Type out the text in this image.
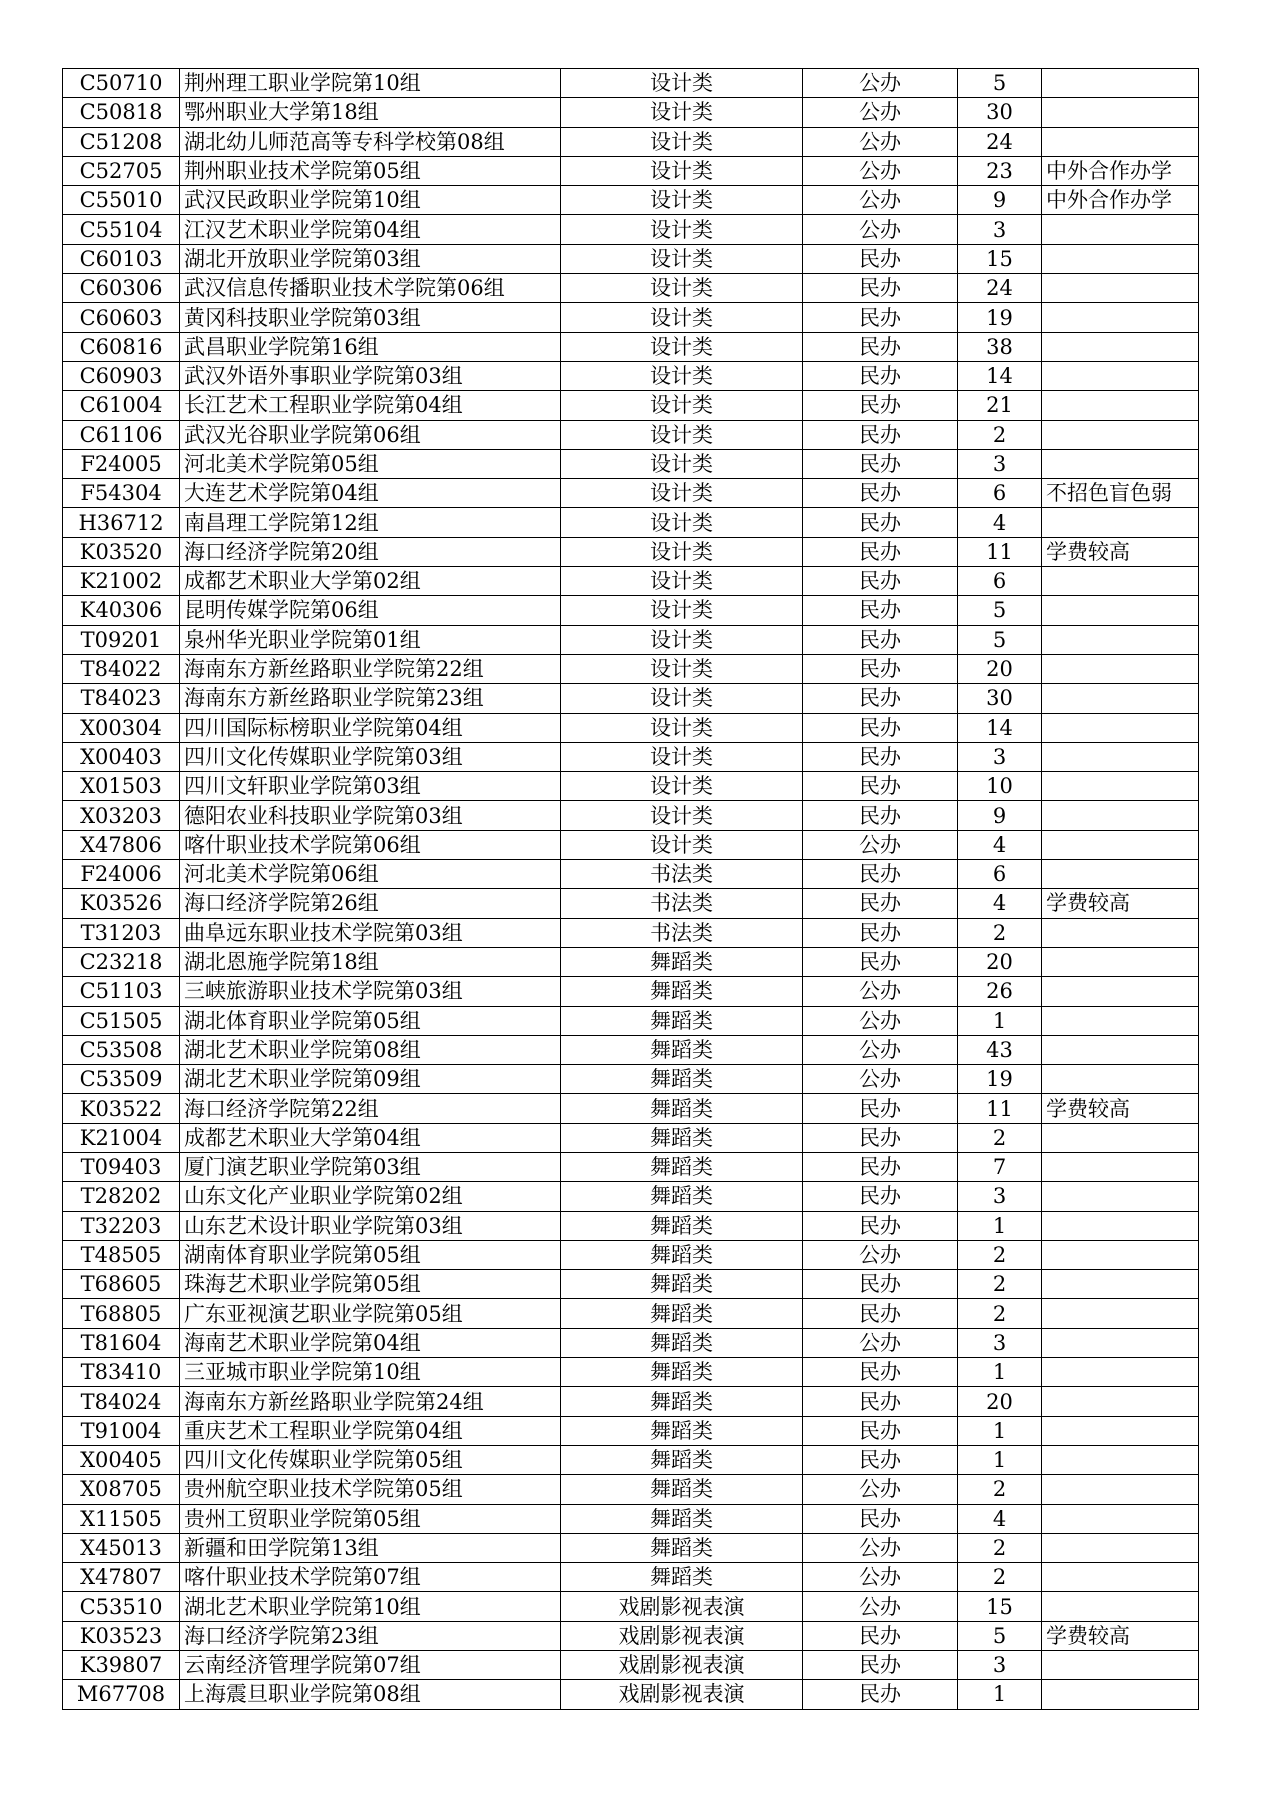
C50710	荆州理工职业学院第10组	设计类	公办	5	
C50818	鄂州职业大学第18组	设计类	公办	30	
C51208	湖北幼儿师范高等专科学校第08组	设计类	公办	24	
C52705	荆州职业技术学院第05组	设计类	公办	23	中外合作办学
C55010	武汉民政职业学院第10组	设计类	公办	9	中外合作办学
C55104	江汉艺术职业学院第04组	设计类	公办	3	
C60103	湖北开放职业学院第03组	设计类	民办	15	
C60306	武汉信息传播职业技术学院第06组	设计类	民办	24	
C60603	黄冈科技职业学院第03组	设计类	民办	19	
C60816	武昌职业学院第16组	设计类	民办	38	
C60903	武汉外语外事职业学院第03组	设计类	民办	14	
C61004	长江艺术工程职业学院第04组	设计类	民办	21	
C61106	武汉光谷职业学院第06组	设计类	民办	2	
F24005	河北美术学院第05组	设计类	民办	3	
F54304	大连艺术学院第04组	设计类	民办	6	不招色盲色弱
H36712	南昌理工学院第12组	设计类	民办	4	
K03520	海口经济学院第20组	设计类	民办	11	学费较高
K21002	成都艺术职业大学第02组	设计类	民办	6	
K40306	昆明传媒学院第06组	设计类	民办	5	
T09201	泉州华光职业学院第01组	设计类	民办	5	
T84022	海南东方新丝路职业学院第22组	设计类	民办	20	
T84023	海南东方新丝路职业学院第23组	设计类	民办	30	
X00304	四川国际标榜职业学院第04组	设计类	民办	14	
X00403	四川文化传媒职业学院第03组	设计类	民办	3	
X01503	四川文轩职业学院第03组	设计类	民办	10	
X03203	德阳农业科技职业学院第03组	设计类	民办	9	
X47806	喀什职业技术学院第06组	设计类	公办	4	
F24006	河北美术学院第06组	书法类	民办	6	
K03526	海口经济学院第26组	书法类	民办	4	学费较高
T31203	曲阜远东职业技术学院第03组	书法类	民办	2	
C23218	湖北恩施学院第18组	舞蹈类	民办	20	
C51103	三峡旅游职业技术学院第03组	舞蹈类	公办	26	
C51505	湖北体育职业学院第05组	舞蹈类	公办	1	
C53508	湖北艺术职业学院第08组	舞蹈类	公办	43	
C53509	湖北艺术职业学院第09组	舞蹈类	公办	19	
K03522	海口经济学院第22组	舞蹈类	民办	11	学费较高
K21004	成都艺术职业大学第04组	舞蹈类	民办	2	
T09403	厦门演艺职业学院第03组	舞蹈类	民办	7	
T28202	山东文化产业职业学院第02组	舞蹈类	民办	3	
T32203	山东艺术设计职业学院第03组	舞蹈类	民办	1	
T48505	湖南体育职业学院第05组	舞蹈类	公办	2	
T68605	珠海艺术职业学院第05组	舞蹈类	民办	2	
T68805	广东亚视演艺职业学院第05组	舞蹈类	民办	2	
T81604	海南艺术职业学院第04组	舞蹈类	公办	3	
T83410	三亚城市职业学院第10组	舞蹈类	民办	1	
T84024	海南东方新丝路职业学院第24组	舞蹈类	民办	20	
T91004	重庆艺术工程职业学院第04组	舞蹈类	民办	1	
X00405	四川文化传媒职业学院第05组	舞蹈类	民办	1	
X08705	贵州航空职业技术学院第05组	舞蹈类	公办	2	
X11505	贵州工贸职业学院第05组	舞蹈类	民办	4	
X45013	新疆和田学院第13组	舞蹈类	公办	2	
X47807	喀什职业技术学院第07组	舞蹈类	公办	2	
C53510	湖北艺术职业学院第10组	戏剧影视表演	公办	15	
K03523	海口经济学院第23组	戏剧影视表演	民办	5	学费较高
K39807	云南经济管理学院第07组	戏剧影视表演	民办	3	
M67708	上海震旦职业学院第08组	戏剧影视表演	民办	1	
